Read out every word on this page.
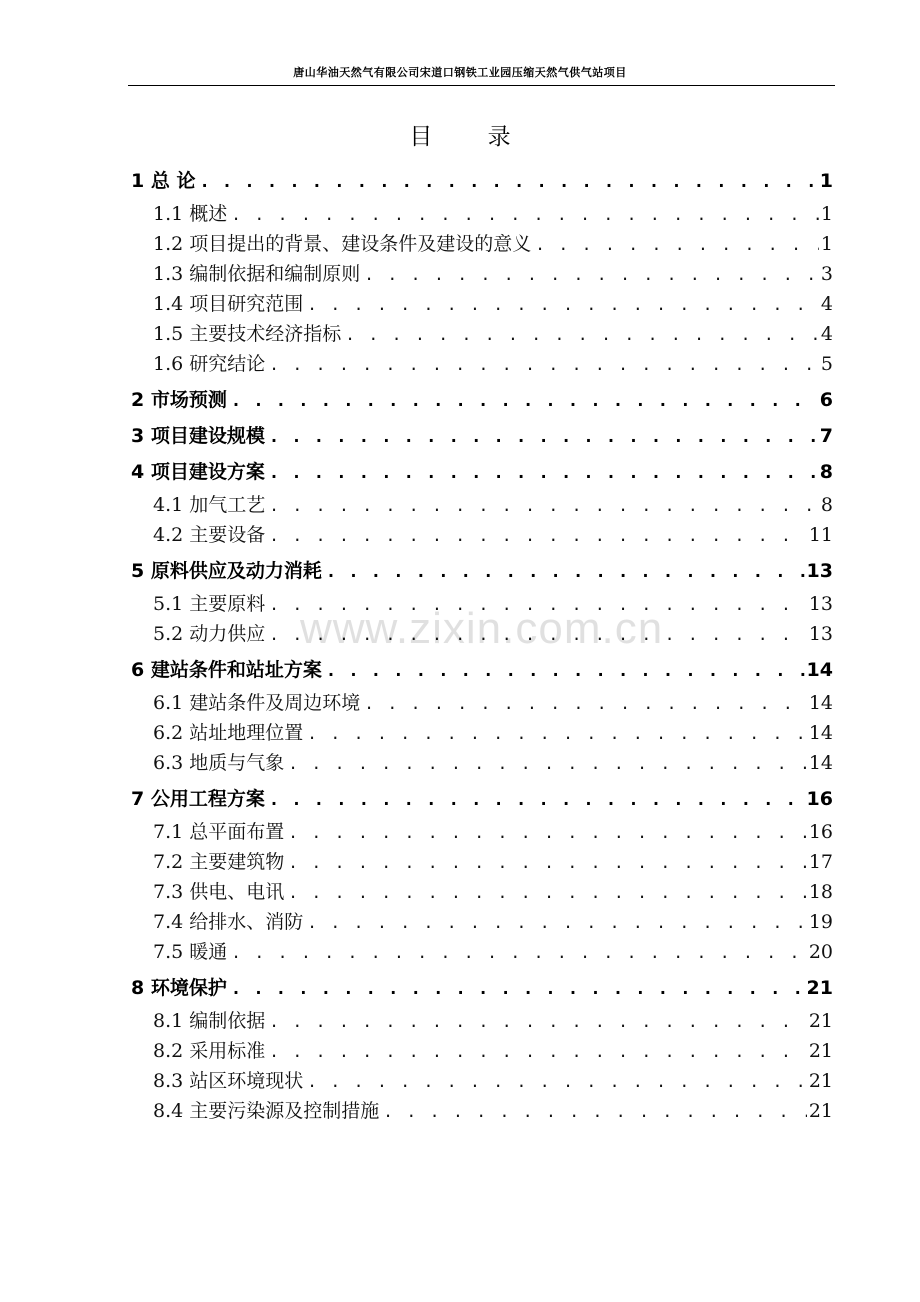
唐山华油天然气有限公司宋道口钢铁工业园压缩天然气供气站项目
目 录
1 总 论 . . .	1
1.1 概述 . . .	1
1.2 项目提出的背景、建设条件及建设的意义 . . .	1
1.3 编制依据和编制原则 . . .	3
1.4 项目研究范围 . . .	4
1.5 主要技术经济指标 . . .	4
1.6 研究结论 . . .	5
2 市场预测 . . .	6
3 项目建设规模 . . .	7
4 项目建设方案 . . .	8
4.1 加气工艺 . . .	8
4.2 主要设备 . . .	11
5 原料供应及动力消耗 . . .	13
5.1 主要原料 . . .	13
5.2 动力供应 . . .	13
6 建站条件和站址方案 . . .	14
6.1 建站条件及周边环境 . . .	14
6.2 站址地理位置 . . .	14
6.3 地质与气象 . . .	14
7 公用工程方案 . . .	16
7.1 总平面布置 . . .	16
7.2 主要建筑物 . . .	17
7.3 供电、电讯 . . .	18
7.4 给排水、消防 . . .	19
7.5 暖通 . . .	20
8 环境保护 . . .	21
8.1 编制依据 . . .	21
8.2 采用标准 . . .	21
8.3 站区环境现状 . . .	21
8.4 主要污染源及控制措施 . . .	21
www.zixin.com.cn
